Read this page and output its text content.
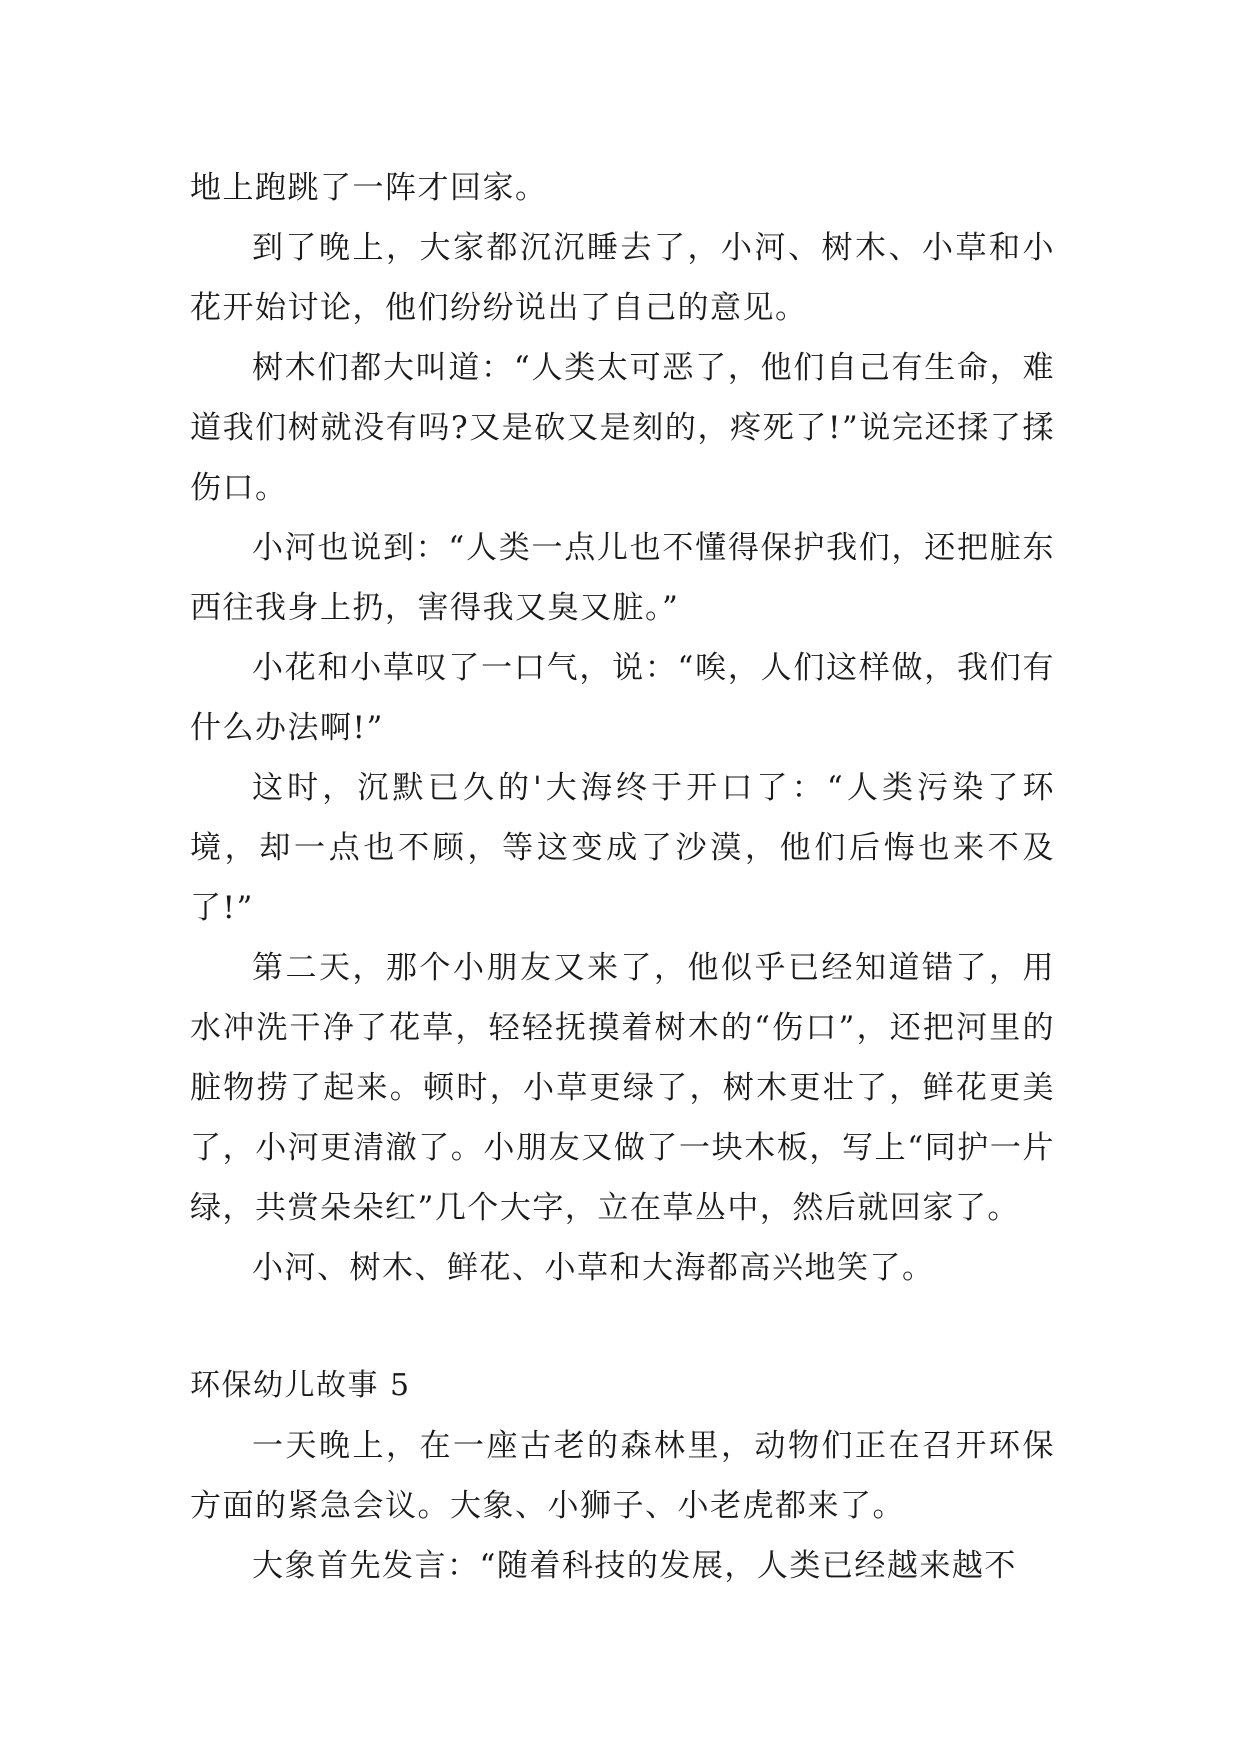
地上跑跳了一阵才回家。

到了晚上，大家都沉沉睡去了，小河、树木、小草和小花开始讨论，他们纷纷说出了自己的意见。

树木们都大叫道：“人类太可恶了，他们自己有生命，难道我们树就没有吗?又是砍又是刻的，疼死了!”说完还揉了揉伤口。

小河也说到：“人类一点儿也不懂得保护我们，还把脏东西往我身上扔，害得我又臭又脏。”

小花和小草叹了一口气，说：“唉，人们这样做，我们有什么办法啊!”

这时，沉默已久的'大海终于开口了：“人类污染了环境，却一点也不顾，等这变成了沙漠，他们后悔也来不及了!”

第二天，那个小朋友又来了，他似乎已经知道错了，用水冲洗干净了花草，轻轻抚摸着树木的“伤口”，还把河里的脏物捞了起来。顿时，小草更绿了，树木更壮了，鲜花更美了，小河更清澈了。小朋友又做了一块木板，写上“同护一片绿，共赏朵朵红”几个大字，立在草丛中，然后就回家了。

小河、树木、鲜花、小草和大海都高兴地笑了。

环保幼儿故事 5

一天晚上，在一座古老的森林里，动物们正在召开环保方面的紧急会议。大象、小狮子、小老虎都来了。

大象首先发言：“随着科技的发展，人类已经越来越不
